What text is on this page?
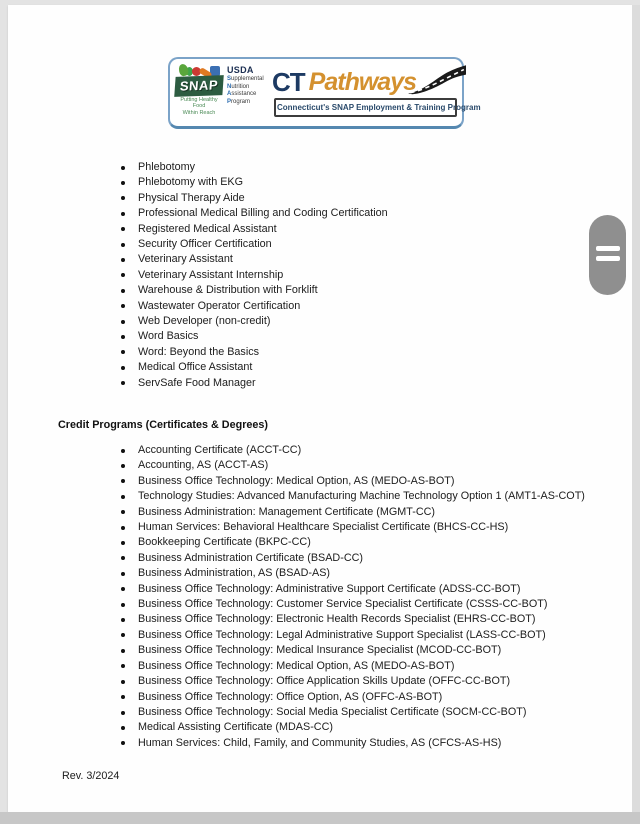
SNAP
Putting Healthy Food
Within Reach
USDA
Supplemental
Nutrition
Assistance
Program
CT Pathways
Connecticut's SNAP Employment & Training Program
Phlebotomy
Phlebotomy with EKG
Physical Therapy Aide
Professional Medical Billing and Coding Certification
Registered Medical Assistant
Security Officer Certification
Veterinary Assistant
Veterinary Assistant Internship
Warehouse & Distribution with Forklift
Wastewater Operator Certification
Web Developer (non-credit)
Word Basics
Word: Beyond the Basics
Medical Office Assistant
ServSafe Food Manager
Credit Programs (Certificates & Degrees)
Accounting Certificate (ACCT-CC)
Accounting, AS (ACCT-AS)
Business Office Technology: Medical Option, AS (MEDO-AS-BOT)
Technology Studies: Advanced Manufacturing Machine Technology Option 1 (AMT1-AS-COT)
Business Administration: Management Certificate (MGMT-CC)
Human Services: Behavioral Healthcare Specialist Certificate (BHCS-CC-HS)
Bookkeeping Certificate (BKPC-CC)
Business Administration Certificate (BSAD-CC)
Business Administration, AS (BSAD-AS)
Business Office Technology: Administrative Support Certificate (ADSS-CC-BOT)
Business Office Technology: Customer Service Specialist Certificate (CSSS-CC-BOT)
Business Office Technology: Electronic Health Records Specialist (EHRS-CC-BOT)
Business Office Technology: Legal Administrative Support Specialist (LASS-CC-BOT)
Business Office Technology: Medical Insurance Specialist (MCOD-CC-BOT)
Business Office Technology: Medical Option, AS (MEDO-AS-BOT)
Business Office Technology: Office Application Skills Update (OFFC-CC-BOT)
Business Office Technology: Office Option, AS (OFFC-AS-BOT)
Business Office Technology: Social Media Specialist Certificate (SOCM-CC-BOT)
Medical Assisting Certificate (MDAS-CC)
Human Services: Child, Family, and Community Studies, AS (CFCS-AS-HS)
Rev. 3/2024
